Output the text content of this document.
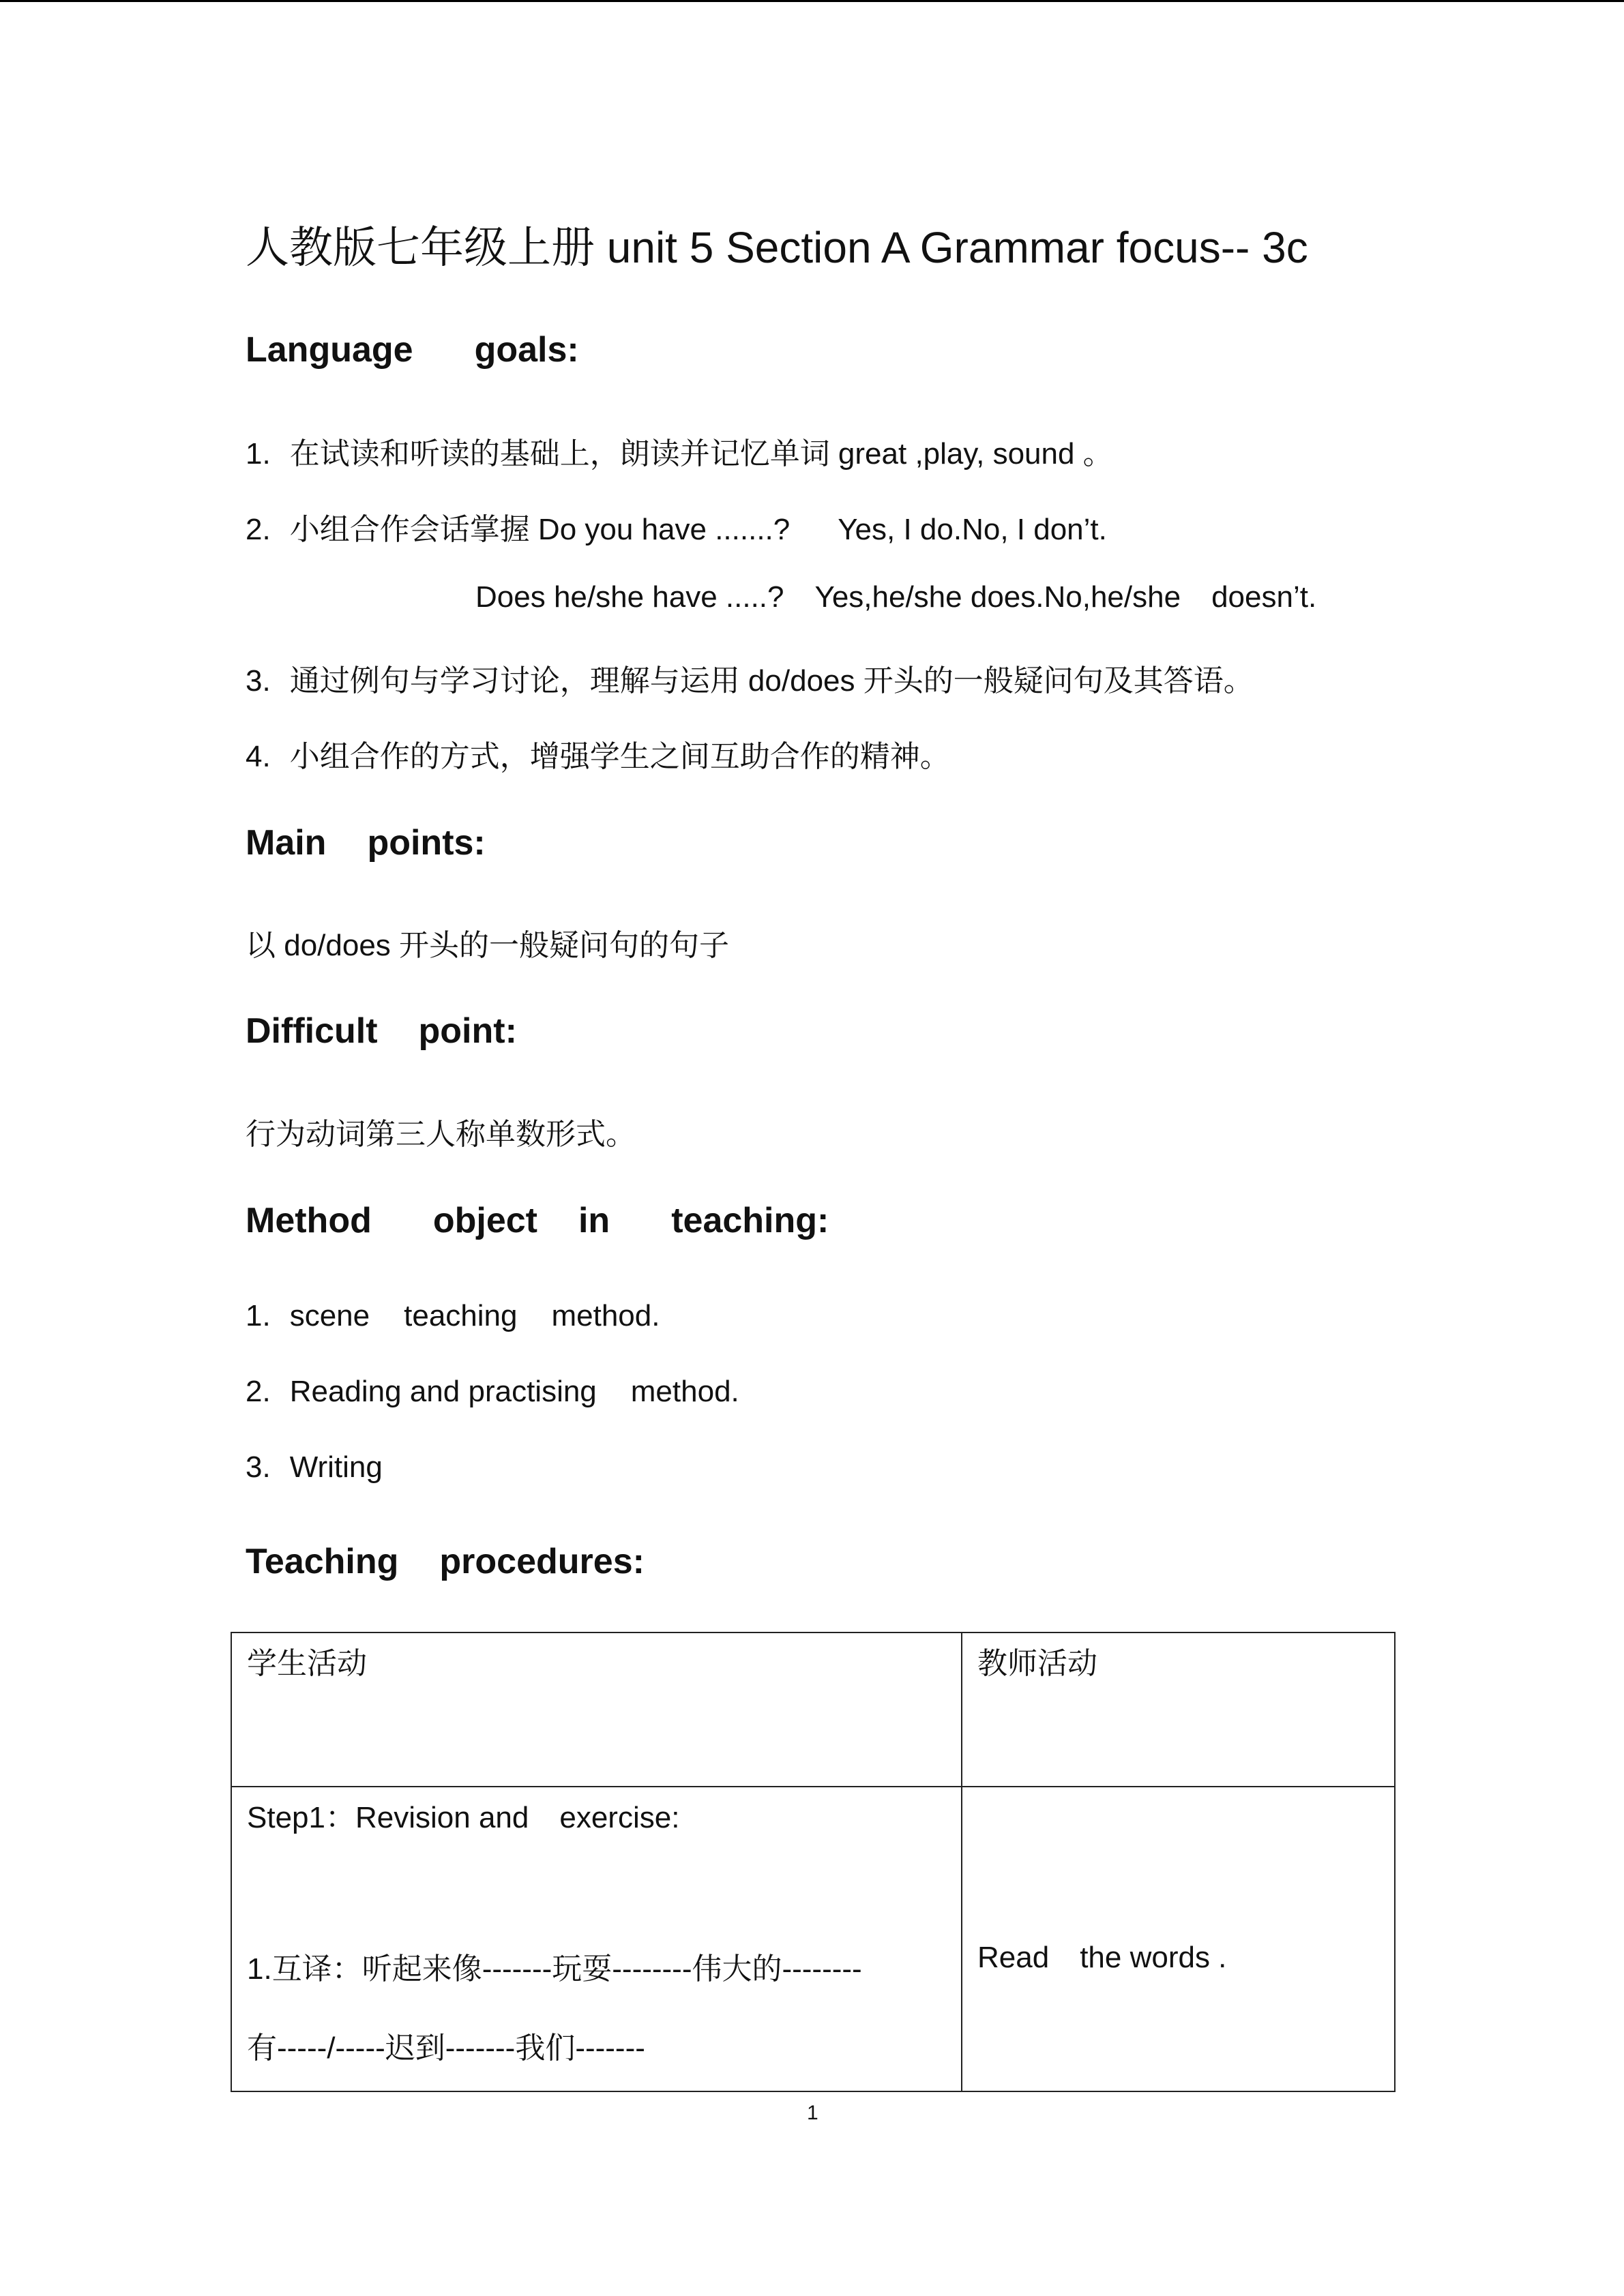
人教版七年级上册 unit 5 Section A Grammar focus-- 3c
Language goals:
1. 在试读和听读的基础上，朗读并记忆单词 great ,play, sound 。
2. 小组合作会话掌握 Do you have .......? Yes, I do.No, I don’t.
Does he/she have .....? Yes,he/she does.No,he/she doesn’t.
3. 通过例句与学习讨论，理解与运用 do/does 开头的一般疑问句及其答语。
4. 小组合作的方式，增强学生之间互助合作的精神。
Main points:
以 do/does 开头的一般疑问句的句子
Difficult point:
行为动词第三人称单数形式。
Method object in teaching:
1. scene teaching method.
2. Reading and practising method.
3. Writing
Teaching procedures:
学生活动	教师活动

Step1：Revision and exercise:
1.互译：听起来像-------玩耍--------伟大的--------
有-----/-----迟到-------我们-------	Read the words .
1
